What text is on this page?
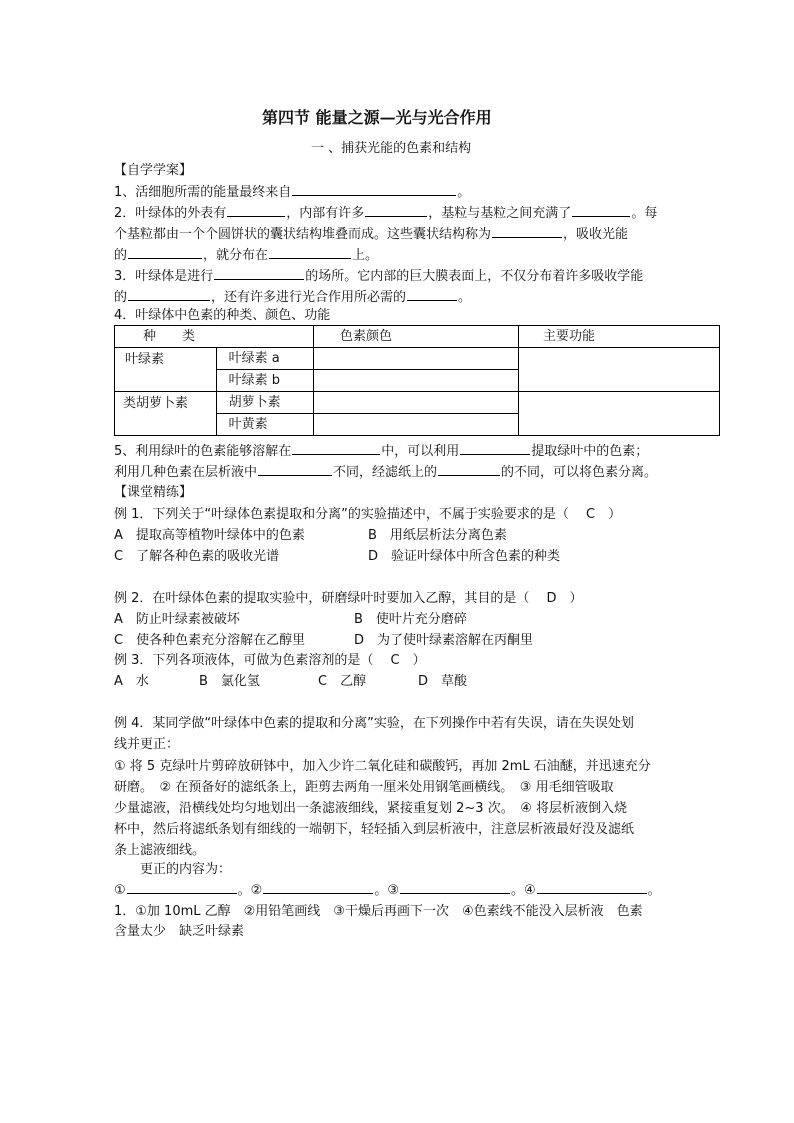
第四节 能量之源—光与光合作用
一 、捕获光能的色素和结构
【自学学案】
1、活细胞所需的能量最终来自	。
2．叶绿体的外表有	，内部有许多	，基粒与基粒之间充满了	。每
个基粒都由一个个圆饼状的囊状结构堆叠而成。这些囊状结构称为	，吸收光能
的	，就分布在	上。
3．叶绿体是进行	的场所。它内部的巨大膜表面上，不仅分布着许多吸收学能
的	，还有许多进行光合作用所必需的	。
4．叶绿体中色素的种类、颜色、功能
种　　类		色素颜色	主要功能
叶绿素	叶绿素 a		
	叶绿素 b		
类胡萝卜素	胡萝卜素		
	叶黄素		
5、利用绿叶的色素能够溶解在	中，可以利用	提取绿叶中的色素；
利用几种色素在层析液中	不同，经滤纸上的	的不同，可以将色素分离。
【课堂精练】
例 1．下列关于“叶绿体色素提取和分离”的实验描述中，不属于实验要求的是（　 C　）
A　提取高等植物叶绿体中的色素	B　用纸层析法分离色素
C　了解各种色素的吸收光谱	D　验证叶绿体中所含色素的种类
例 2．在叶绿体色素的提取实验中，研磨绿叶时要加入乙醇，其目的是（　 D　）
A　防止叶绿素被破坏	B　使叶片充分磨碎
C　使各种色素充分溶解在乙醇里	D　为了使叶绿素溶解在丙酮里
例 3．下列各项液体，可做为色素溶剂的是（　 C　）
A　水	B　氯化氢	C　乙醇	D　草酸
例 4．某同学做“叶绿体中色素的提取和分离”实验，在下列操作中若有失误，请在失误处划
线并更正：
① 将 5 克绿叶片剪碎放研钵中，加入少许二氧化硅和碳酸钙，再加 2mL 石油醚，并迅速充分
研磨。　② 在预备好的滤纸条上，距剪去两角一厘米处用钢笔画横线。　③ 用毛细管吸取
少量滤液，沿横线处均匀地划出一条滤液细线，紧接重复划 2~3 次。　④ 将层析液倒入烧
杯中，然后将滤纸条划有细线的一端朝下，轻轻插入到层析液中，注意层析液最好没及滤纸
条上滤液细线。
更正的内容为：
①	。②	。③	。④	。
1．①加 10mL 乙醇　②用铅笔画线　③干燥后再画下一次　④色素线不能没入层析液　色素
含量太少　缺乏叶绿素
